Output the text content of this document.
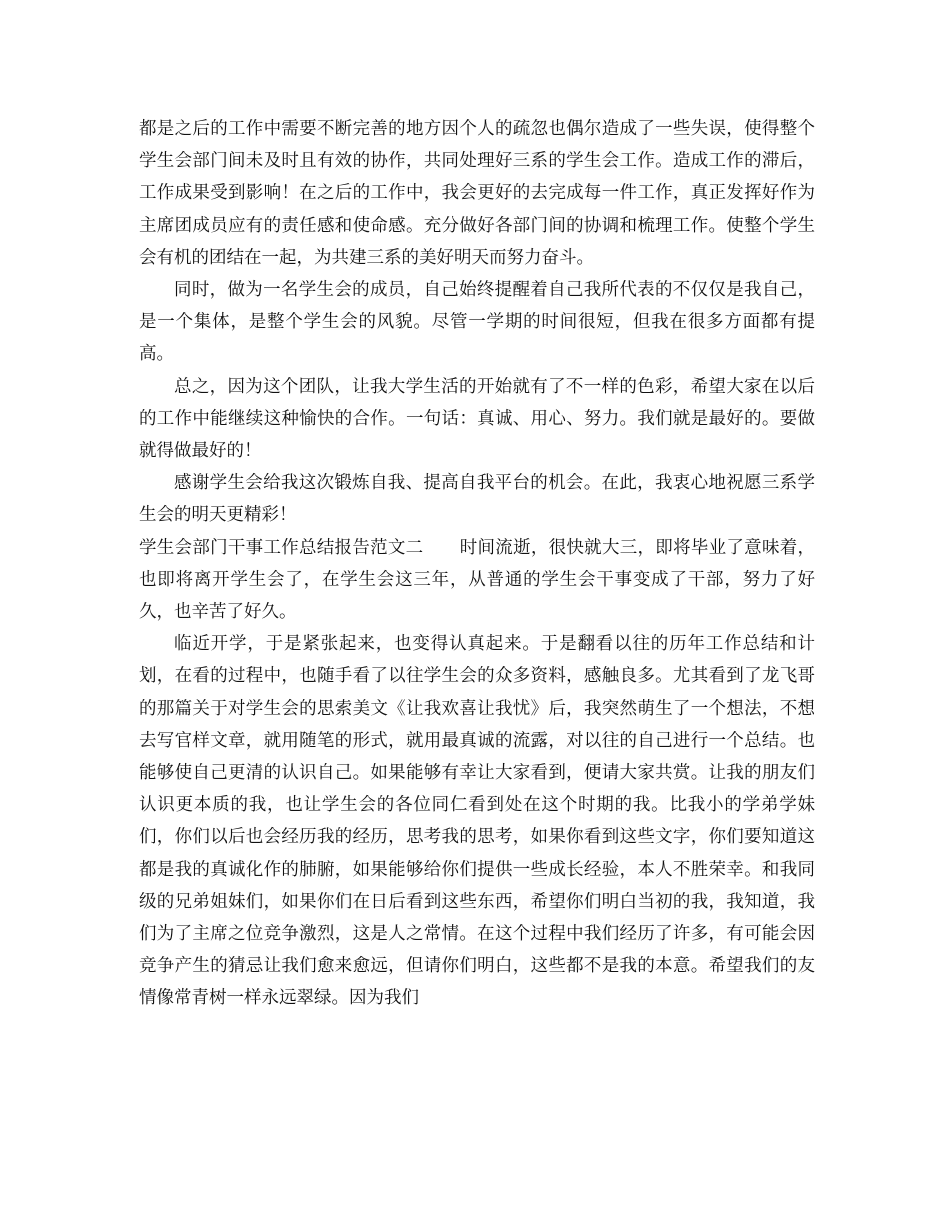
都是之后的工作中需要不断完善的地方因个人的疏忽也偶尔造成了一些失误，使得整个学生会部门间未及时且有效的协作，共同处理好三系的学生会工作。造成工作的滞后，工作成果受到影响！在之后的工作中，我会更好的去完成每一件工作，真正发挥好作为主席团成员应有的责任感和使命感。充分做好各部门间的协调和梳理工作。使整个学生会有机的团结在一起，为共建三系的美好明天而努力奋斗。

同时，做为一名学生会的成员，自己始终提醒着自己我所代表的不仅仅是我自己，是一个集体，是整个学生会的风貌。尽管一学期的时间很短，但我在很多方面都有提高。

总之，因为这个团队，让我大学生活的开始就有了不一样的色彩，希望大家在以后的工作中能继续这种愉快的合作。一句话：真诚、用心、努力。我们就是最好的。要做就得做最好的！

感谢学生会给我这次锻炼自我、提高自我平台的机会。在此，我衷心地祝愿三系学生会的明天更精彩！

学生会部门干事工作总结报告范文二 时间流逝，很快就大三，即将毕业了意味着，也即将离开学生会了，在学生会这三年，从普通的学生会干事变成了干部，努力了好久，也辛苦了好久。

临近开学，于是紧张起来，也变得认真起来。于是翻看以往的历年工作总结和计划，在看的过程中，也随手看了以往学生会的众多资料，感触良多。尤其看到了龙飞哥的那篇关于对学生会的思索美文《让我欢喜让我忧》后，我突然萌生了一个想法，不想去写官样文章，就用随笔的形式，就用最真诚的流露，对以往的自己进行一个总结。也能够使自己更清的认识自己。如果能够有幸让大家看到，便请大家共赏。让我的朋友们认识更本质的我，也让学生会的各位同仁看到处在这个时期的我。比我小的学弟学妹们，你们以后也会经历我的经历，思考我的思考，如果你看到这些文字，你们要知道这都是我的真诚化作的肺腑，如果能够给你们提供一些成长经验，本人不胜荣幸。和我同级的兄弟姐妹们，如果你们在日后看到这些东西，希望你们明白当初的我，我知道，我们为了主席之位竞争激烈，这是人之常情。在这个过程中我们经历了许多，有可能会因竞争产生的猜忌让我们愈来愈远，但请你们明白，这些都不是我的本意。希望我们的友情像常青树一样永远翠绿。因为我们
